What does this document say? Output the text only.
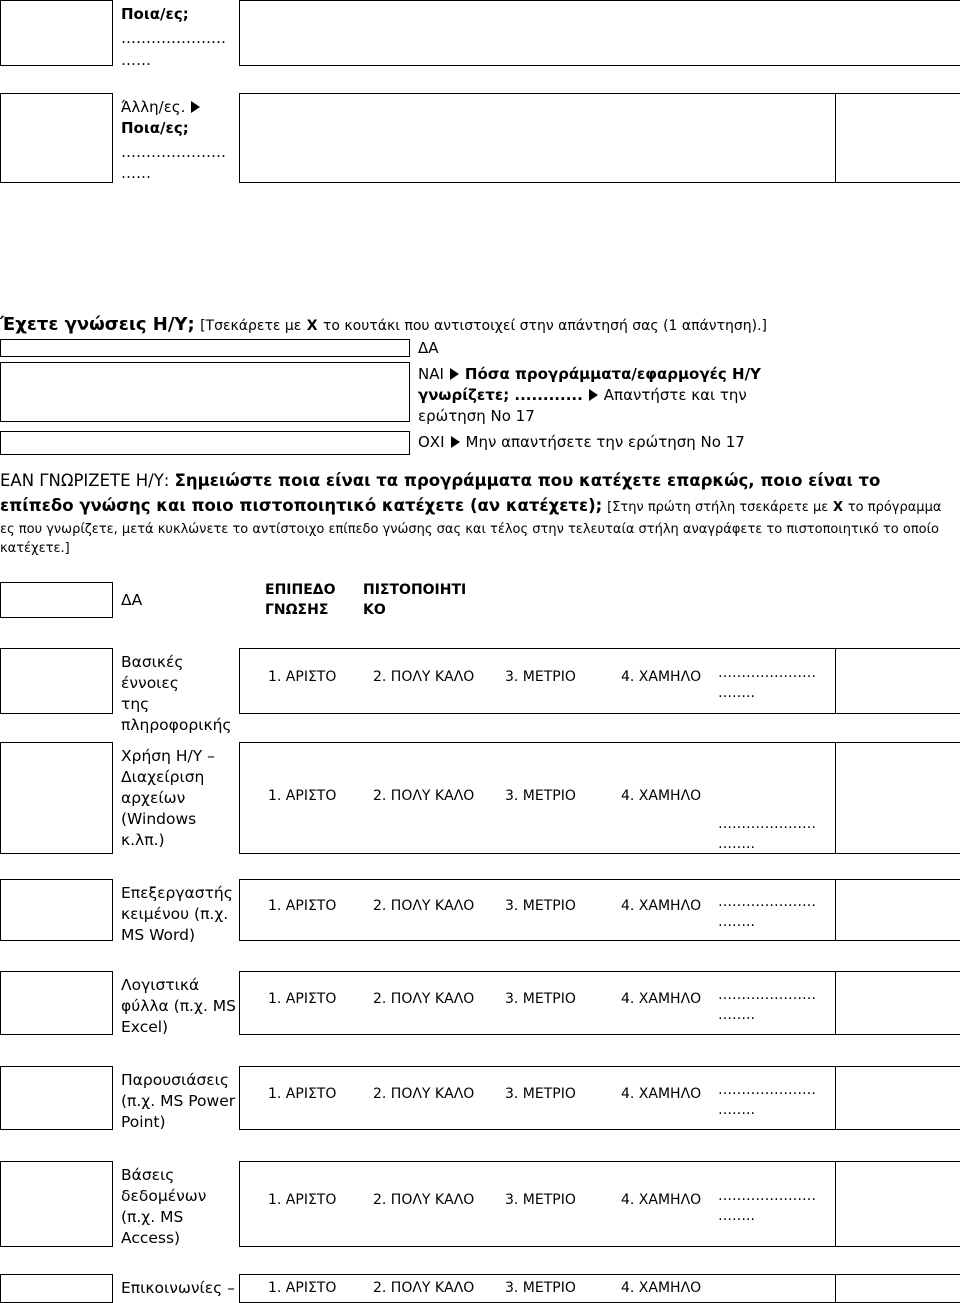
Ποια/ες;
…………………
……
Άλλη/ες.
Ποια/ες;
…………………
……
Έχετε γνώσεις Η/Υ; [Τσεκάρετε με X το κουτάκι που αντιστοιχεί στην απάντησή σας (1 απάντηση).]
ΔΑ
ΝΑΙ Πόσα προγράμματα/εφαρμογές Η/Υ
γνωρίζετε; ............ Απαντήστε και την
ερώτηση Νο 17
ΟΧΙ Μην απαντήσετε την ερώτηση Νο 17
ΕΑΝ ΓΝΩΡΙΖΕΤΕ Η/Υ: Σημειώστε ποια είναι τα προγράμματα που κατέχετε επαρκώς, ποιο είναι το
επίπεδο γνώσης και ποιο πιστοποιητικό κατέχετε (αν κατέχετε); [Στην πρώτη στήλη τσεκάρετε με X το πρόγραμμα
ες που γνωρίζετε, μετά κυκλώνετε το αντίστοιχο επίπεδο γνώσης σας και τέλος στην τελευταία στήλη αναγράφετε το πιστοποιητικό το οποίο
κατέχετε.]
ΔΑ
ΕΠΙΠΕΔΟ
ΓΝΩΣΗΣ
ΠΙΣΤΟΠΟΙΗΤΙ
ΚΟ
Βασικές έννοιες
της
πληροφορικής
1. ΑΡΙΣΤΟ	2. ΠΟΛΥ ΚΑΛΟ 3. ΜΕΤΡΙΟ	4. ΧΑΜΗΛΟ …………………
……..
Χρήση Η/Υ –
Διαχείριση
αρχείων
(Windows
κ.λπ.)
1. ΑΡΙΣΤΟ	2. ΠΟΛΥ ΚΑΛΟ 3. ΜΕΤΡΙΟ	4. ΧΑΜΗΛΟ
…………………
……..
Επεξεργαστής
κειμένου (π.χ.
MS Word)
1. ΑΡΙΣΤΟ	2. ΠΟΛΥ ΚΑΛΟ 3. ΜΕΤΡΙΟ	4. ΧΑΜΗΛΟ …………………
……..
Λογιστικά
φύλλα (π.χ. MS
Excel)
1. ΑΡΙΣΤΟ	2. ΠΟΛΥ ΚΑΛΟ 3. ΜΕΤΡΙΟ	4. ΧΑΜΗΛΟ …………………
……..
Παρουσιάσεις
(π.χ. MS Power
Point)
1. ΑΡΙΣΤΟ	2. ΠΟΛΥ ΚΑΛΟ 3. ΜΕΤΡΙΟ	4. ΧΑΜΗΛΟ …………………
……..
Βάσεις
δεδομένων
(π.χ. MS
Access)
1. ΑΡΙΣΤΟ	2. ΠΟΛΥ ΚΑΛΟ 3. ΜΕΤΡΙΟ	4. ΧΑΜΗΛΟ …………………
……..
Επικοινωνίες – 1. ΑΡΙΣΤΟ	2. ΠΟΛΥ ΚΑΛΟ 3. ΜΕΤΡΙΟ	4. ΧΑΜΗΛΟ
